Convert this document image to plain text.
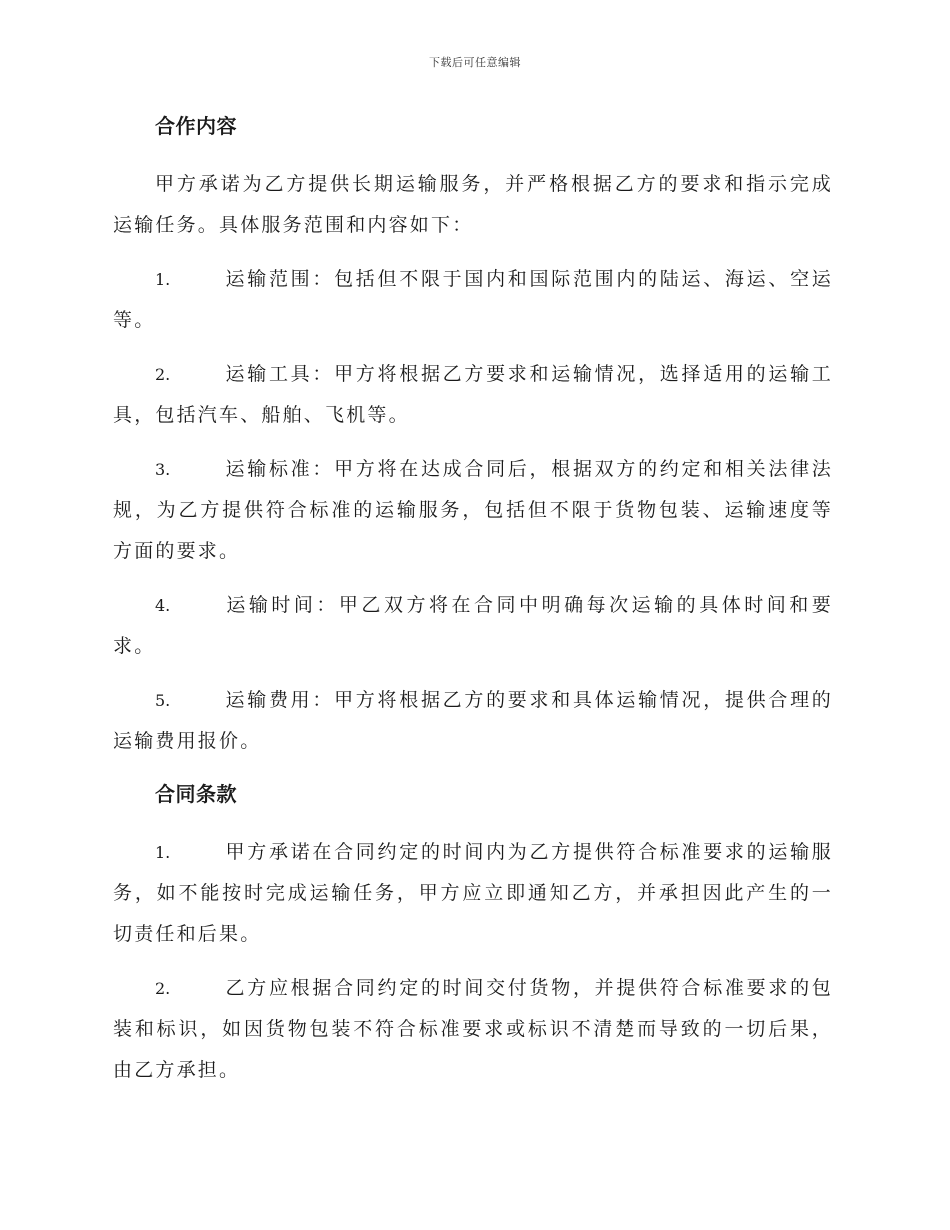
下载后可任意编辑
合作内容

甲方承诺为乙方提供长期运输服务，并严格根据乙方的要求和指示完成运输任务。具体服务范围和内容如下：

1.	运输范围：包括但不限于国内和国际范围内的陆运、海运、空运等。

2.	运输工具：甲方将根据乙方要求和运输情况，选择适用的运输工具，包括汽车、船舶、飞机等。

3.	运输标准：甲方将在达成合同后，根据双方的约定和相关法律法规，为乙方提供符合标准的运输服务，包括但不限于货物包装、运输速度等方面的要求。

4.	运输时间：甲乙双方将在合同中明确每次运输的具体时间和要求。

5.	运输费用：甲方将根据乙方的要求和具体运输情况，提供合理的运输费用报价。

合同条款

1.	甲方承诺在合同约定的时间内为乙方提供符合标准要求的运输服务，如不能按时完成运输任务，甲方应立即通知乙方，并承担因此产生的一切责任和后果。

2.	乙方应根据合同约定的时间交付货物，并提供符合标准要求的包装和标识，如因货物包装不符合标准要求或标识不清楚而导致的一切后果，由乙方承担。
